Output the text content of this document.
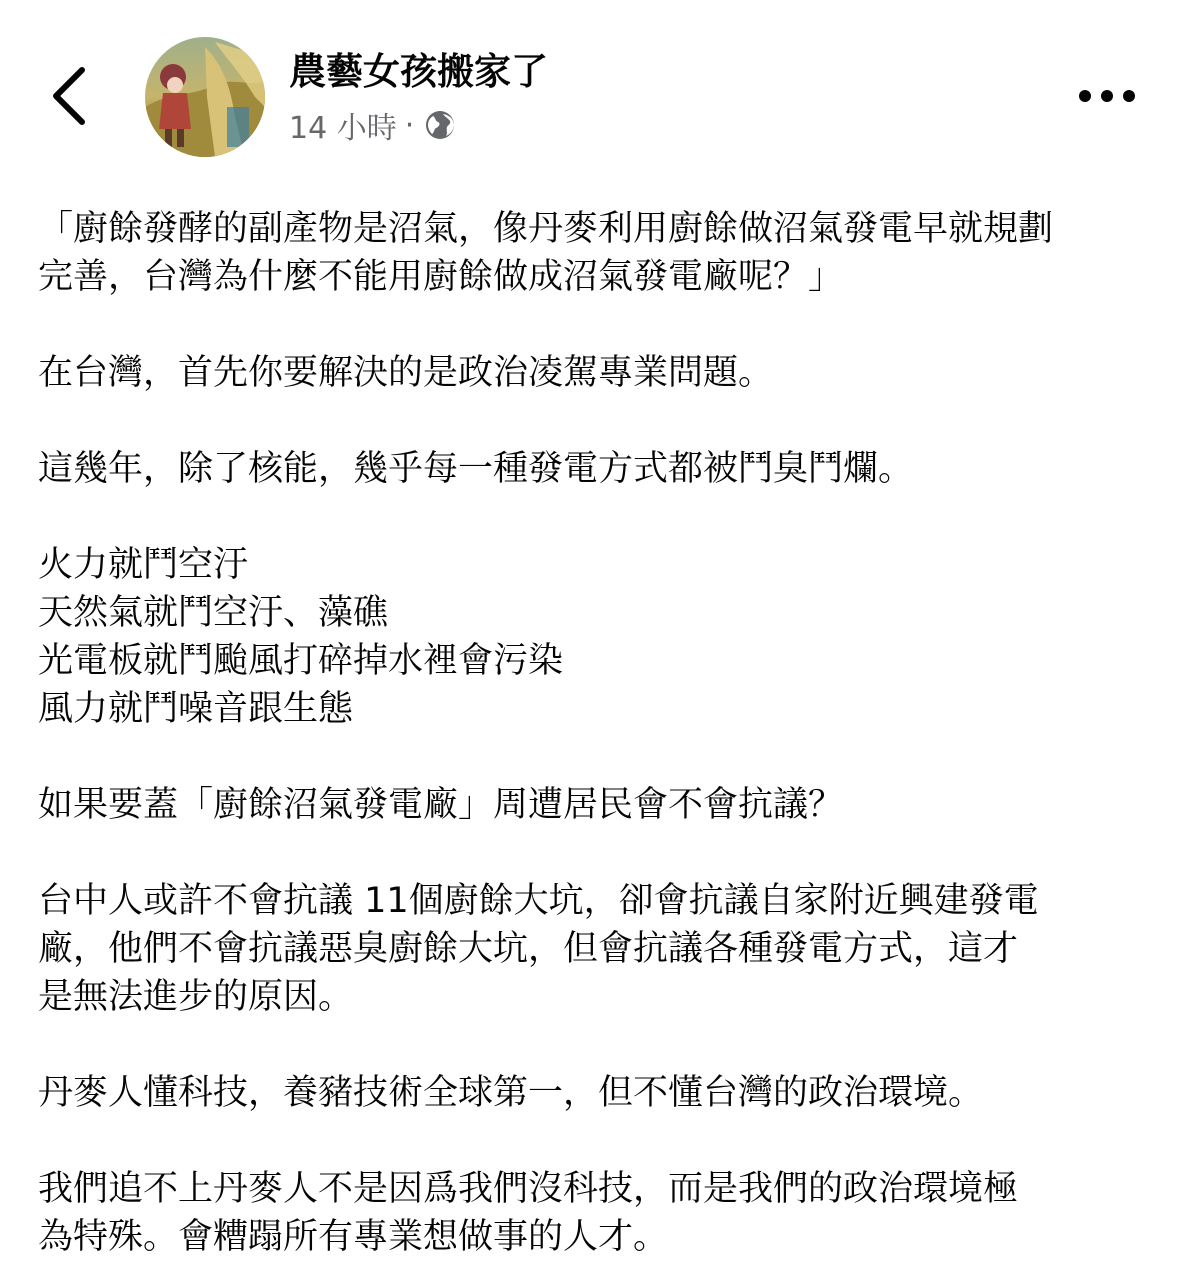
農藝女孩搬家了
14 小時 ·

「廚餘發酵的副產物是沼氣，像丹麥利用廚餘做沼氣發電早就規劃
完善，台灣為什麼不能用廚餘做成沼氣發電廠呢？」

在台灣，首先你要解決的是政治凌駕專業問題。

這幾年，除了核能，幾乎每一種發電方式都被鬥臭鬥爛。

火力就鬥空汙
天然氣就鬥空汙、藻礁
光電板就鬥颱風打碎掉水裡會污染
風力就鬥噪音跟生態

如果要蓋「廚餘沼氣發電廠」周遭居民會不會抗議？

台中人或許不會抗議 11個廚餘大坑，卻會抗議自家附近興建發電
廠，他們不會抗議惡臭廚餘大坑，但會抗議各種發電方式，這才
是無法進步的原因。

丹麥人懂科技，養豬技術全球第一，但不懂台灣的政治環境。

我們追不上丹麥人不是因爲我們沒科技，而是我們的政治環境極
為特殊。會糟蹋所有專業想做事的人才。
